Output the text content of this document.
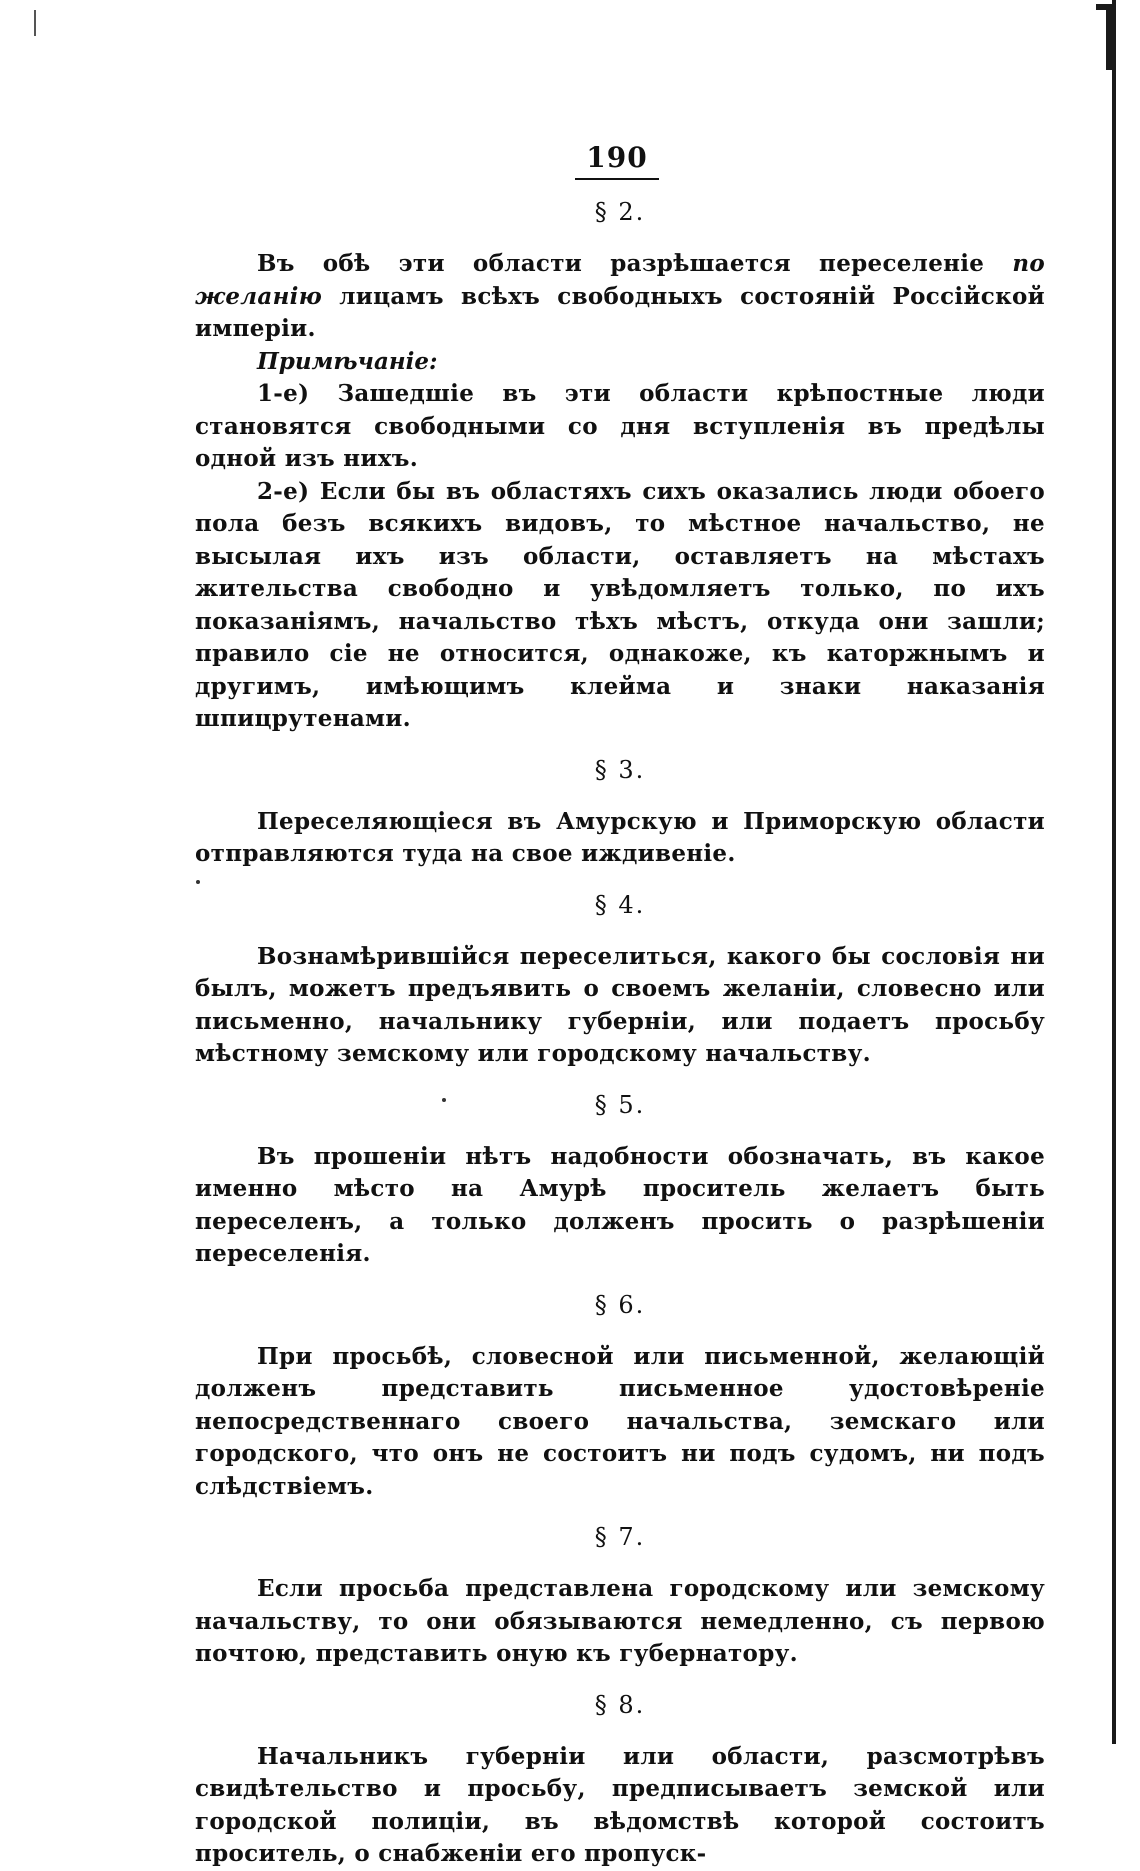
190
§ 2.

Въ обѣ эти области разрѣшается переселеніе по желанію лицамъ всѣхъ свободныхъ состояній Россійской имперіи.

Примѣчаніе:

1-е) Зашедшіе въ эти области крѣпостные люди становятся свободными со дня вступленія въ предѣлы одной изъ нихъ.

2-е) Если бы въ областяхъ сихъ оказались люди обоего пола безъ всякихъ видовъ, то мѣстное начальство, не высылая ихъ изъ области, оставляетъ на мѣстахъ жительства свободно и увѣдомляетъ только, по ихъ показаніямъ, начальство тѣхъ мѣстъ, откуда они зашли; правило сіе не относится, однакоже, къ каторжнымъ и другимъ, имѣющимъ клейма и знаки наказанія шпицрутенами.

§ 3.

Переселяющіеся въ Амурскую и Приморскую области отправляются туда на свое иждивеніе.

§ 4.

Вознамѣрившійся переселиться, какого бы сословія ни былъ, можетъ предъявить о своемъ желаніи, словесно или письменно, начальнику губерніи, или подаетъ просьбу мѣстному земскому или городскому начальству.

§ 5.

Въ прошеніи нѣтъ надобности обозначать, въ какое именно мѣсто на Амурѣ проситель желаетъ быть переселенъ, а только долженъ просить о разрѣшеніи переселенія.

§ 6.

При просьбѣ, словесной или письменной, желающій долженъ представить письменное удостовѣреніе непосредственнаго своего начальства, земскаго или городского, что онъ не состоитъ ни подъ судомъ, ни подъ слѣдствіемъ.

§ 7.

Если просьба представлена городскому или земскому начальству, то они обязываются немедленно, съ первою почтою, представить оную къ губернатору.

§ 8.

Начальникъ губерніи или области, разсмотрѣвъ свидѣтельство и просьбу, предписываетъ земской или городской полиціи, въ вѣдомствѣ которой состоитъ проситель, о снабженіи его пропуск-
